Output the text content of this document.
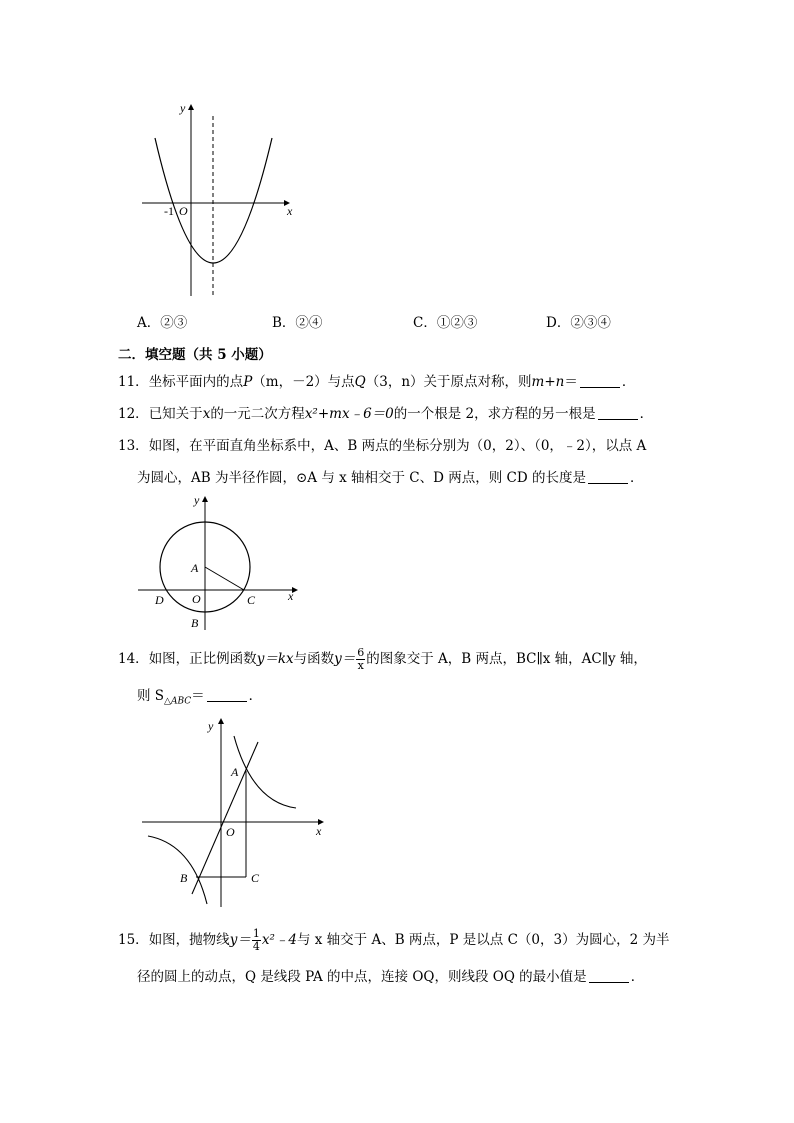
y
x
-1 O
A．②③	B．②④	C．①②③	D．②③④
二．填空题（共 5 小题）
11．坐标平面内的点P（m，－2）与点Q（3，n）关于原点对称，则m+n＝	．
12．已知关于x的一元二次方程x²+mx﹣6＝0的一个根是 2，求方程的另一根是	．
13．如图，在平面直角坐标系中，A、B 两点的坐标分别为（0，2）、（0，﹣2），以点 A
为圆心，AB 为半径作圆，⊙A 与 x 轴相交于 C、D 两点，则 CD 的长度是	．
y
x
A
O
D	C
B
14．如图，正比例函数y＝kx与函数$y= \frac{6}{x}$ 的图象交于 A，B 两点，BC∥x 轴，AC∥y 轴，
则 $S_{\triangle ABC}=$	．
y
x
A
O
B	C
15．如图，抛物线$y= \frac{1}{4}$ x²﹣4与 x 轴交于 A、B 两点，P 是以点 C（0，3）为圆心，2 为半
径的圆上的动点，Q 是线段 PA 的中点，连接 OQ，则线段 OQ 的最小值是	．
